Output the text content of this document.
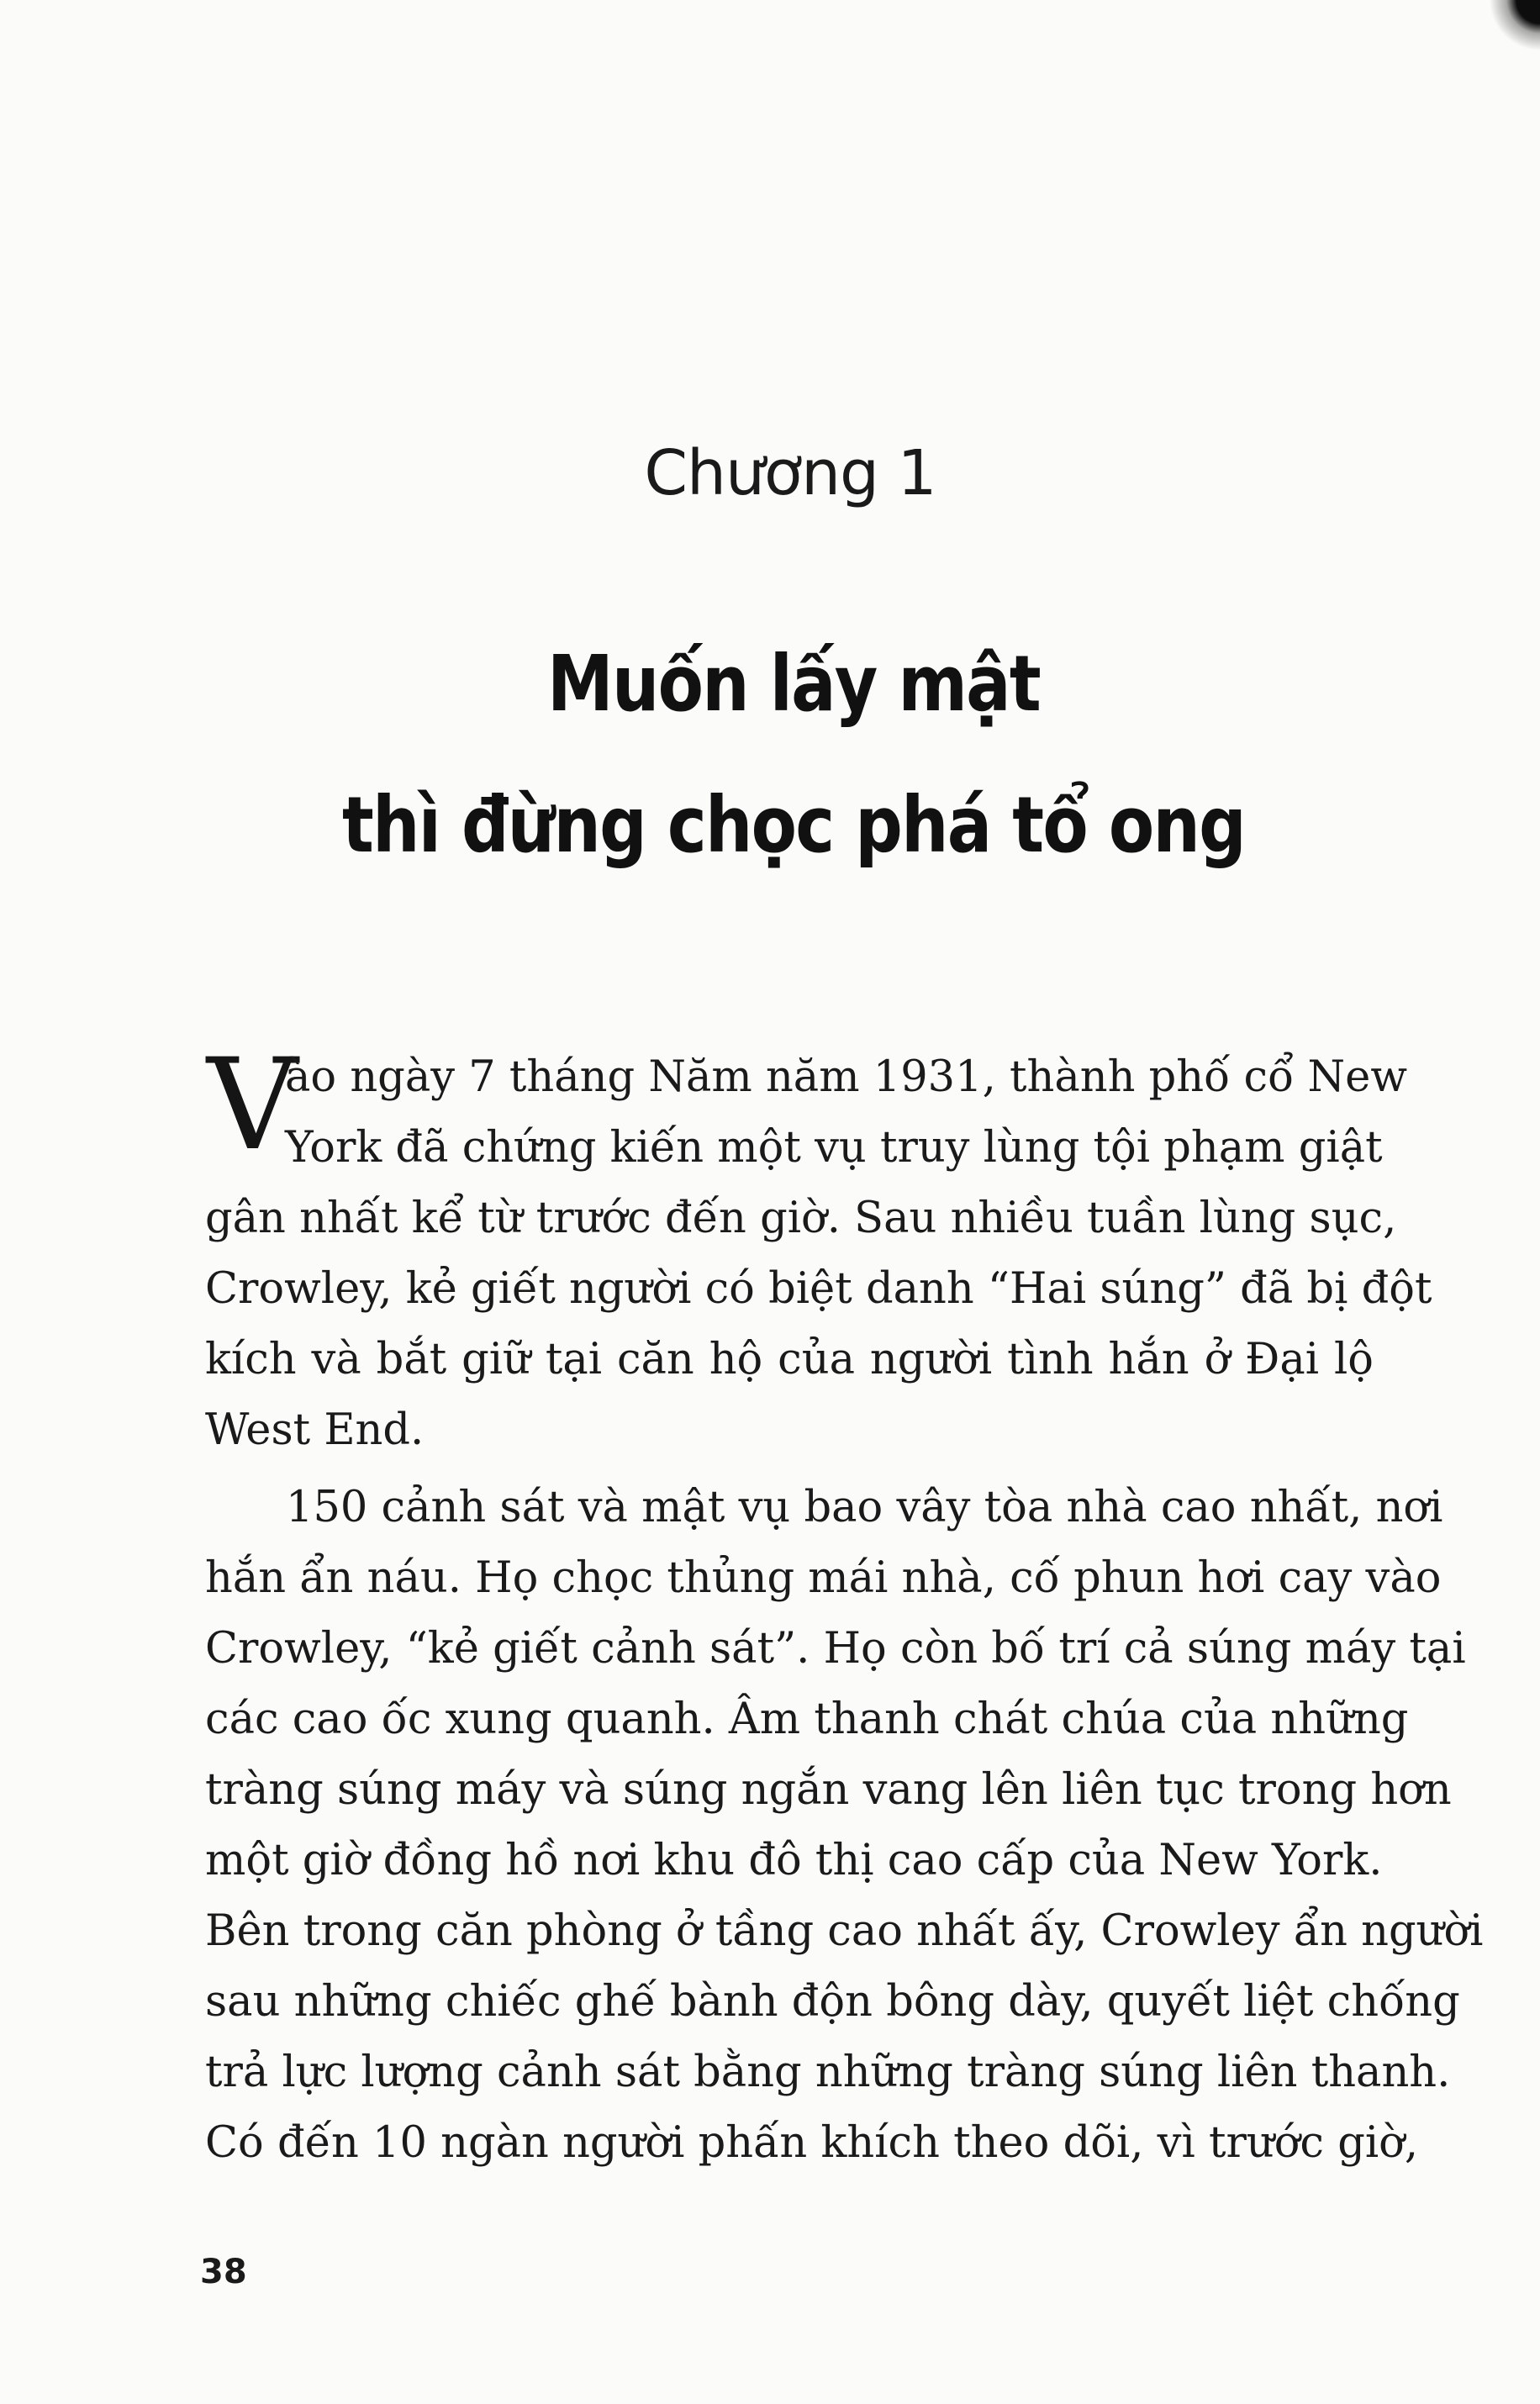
Chương 1
Muốn lấy mật
thì đừng chọc phá tổ ong
V
ào ngày 7 tháng Năm năm 1931, thành phố cổ New
York đã chứng kiến một vụ truy lùng tội phạm giật
gân nhất kể từ trước đến giờ. Sau nhiều tuần lùng sục,
Crowley, kẻ giết người có biệt danh “Hai súng” đã bị đột
kích và bắt giữ tại căn hộ của người tình hắn ở Đại lộ
West End.
150 cảnh sát và mật vụ bao vây tòa nhà cao nhất, nơi
hắn ẩn náu. Họ chọc thủng mái nhà, cố phun hơi cay vào
Crowley, “kẻ giết cảnh sát”. Họ còn bố trí cả súng máy tại
các cao ốc xung quanh. Âm thanh chát chúa của những
tràng súng máy và súng ngắn vang lên liên tục trong hơn
một giờ đồng hồ nơi khu đô thị cao cấp của New York.
Bên trong căn phòng ở tầng cao nhất ấy, Crowley ẩn người
sau những chiếc ghế bành độn bông dày, quyết liệt chống
trả lực lượng cảnh sát bằng những tràng súng liên thanh.
Có đến 10 ngàn người phấn khích theo dõi, vì trước giờ,
38
